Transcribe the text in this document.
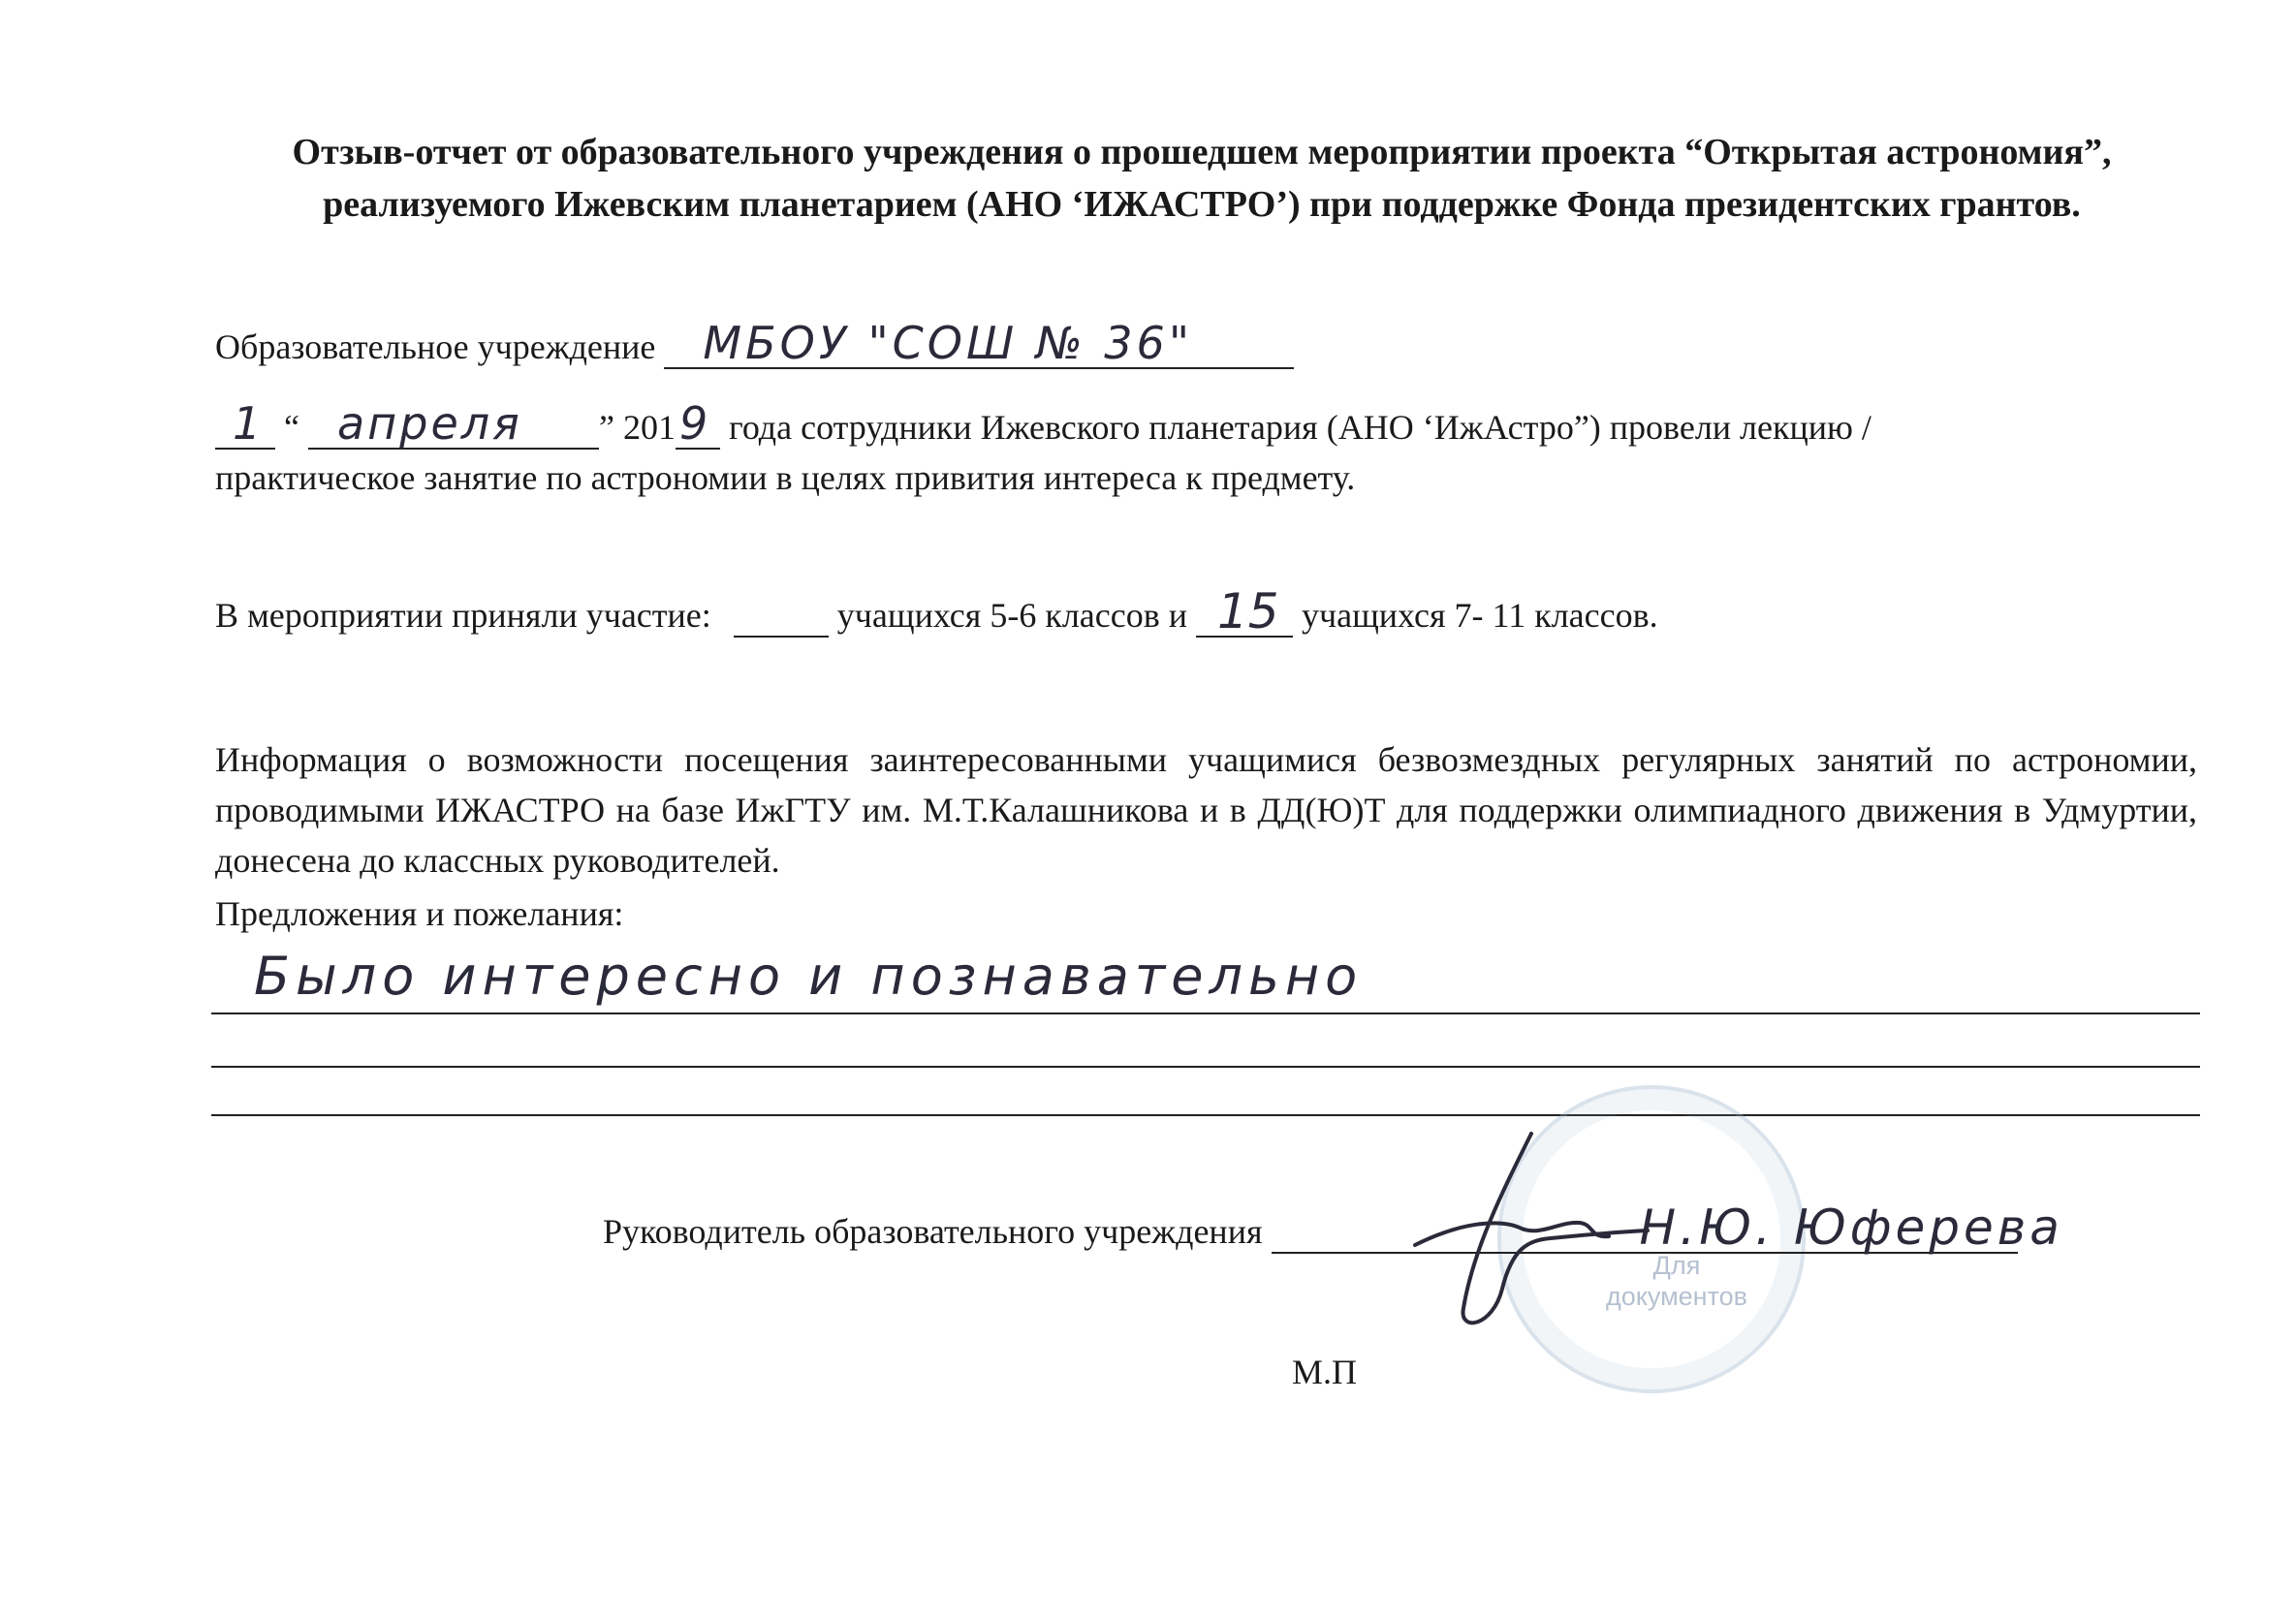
Отзыв-отчет от образовательного учреждения о прошедшем мероприятии проекта “Открытая астрономия”,
реализуемого Ижевским планетарием (АНО ‘ИЖАСТРО’) при поддержке Фонда президентских грантов.
Образовательное учреждение МБОУ "СОШ № 36"
1 “ апреля ” 201 9 года сотрудники Ижевского планетария (АНО ‘ИжАстро”) провели лекцию /
практическое занятие по астрономии в целях привития интереса к предмету.
В мероприятии приняли участие:	учащихся 5-6 классов и 15 учащихся 7- 11 классов.
Информация о возможности посещения заинтересованными учащимися безвозмездных регулярных занятий по астрономии, проводимыми ИЖАСТРО на базе ИжГТУ им. М.Т.Калашникова и в ДД(Ю)Т для поддержки олимпиадного движения в Удмуртии, донесена до классных руководителей.
Предложения и пожелания:
Было интересно и познавательно
Для документов
Руководитель образовательного учреждения	Н.Ю. Юферева
М.П
